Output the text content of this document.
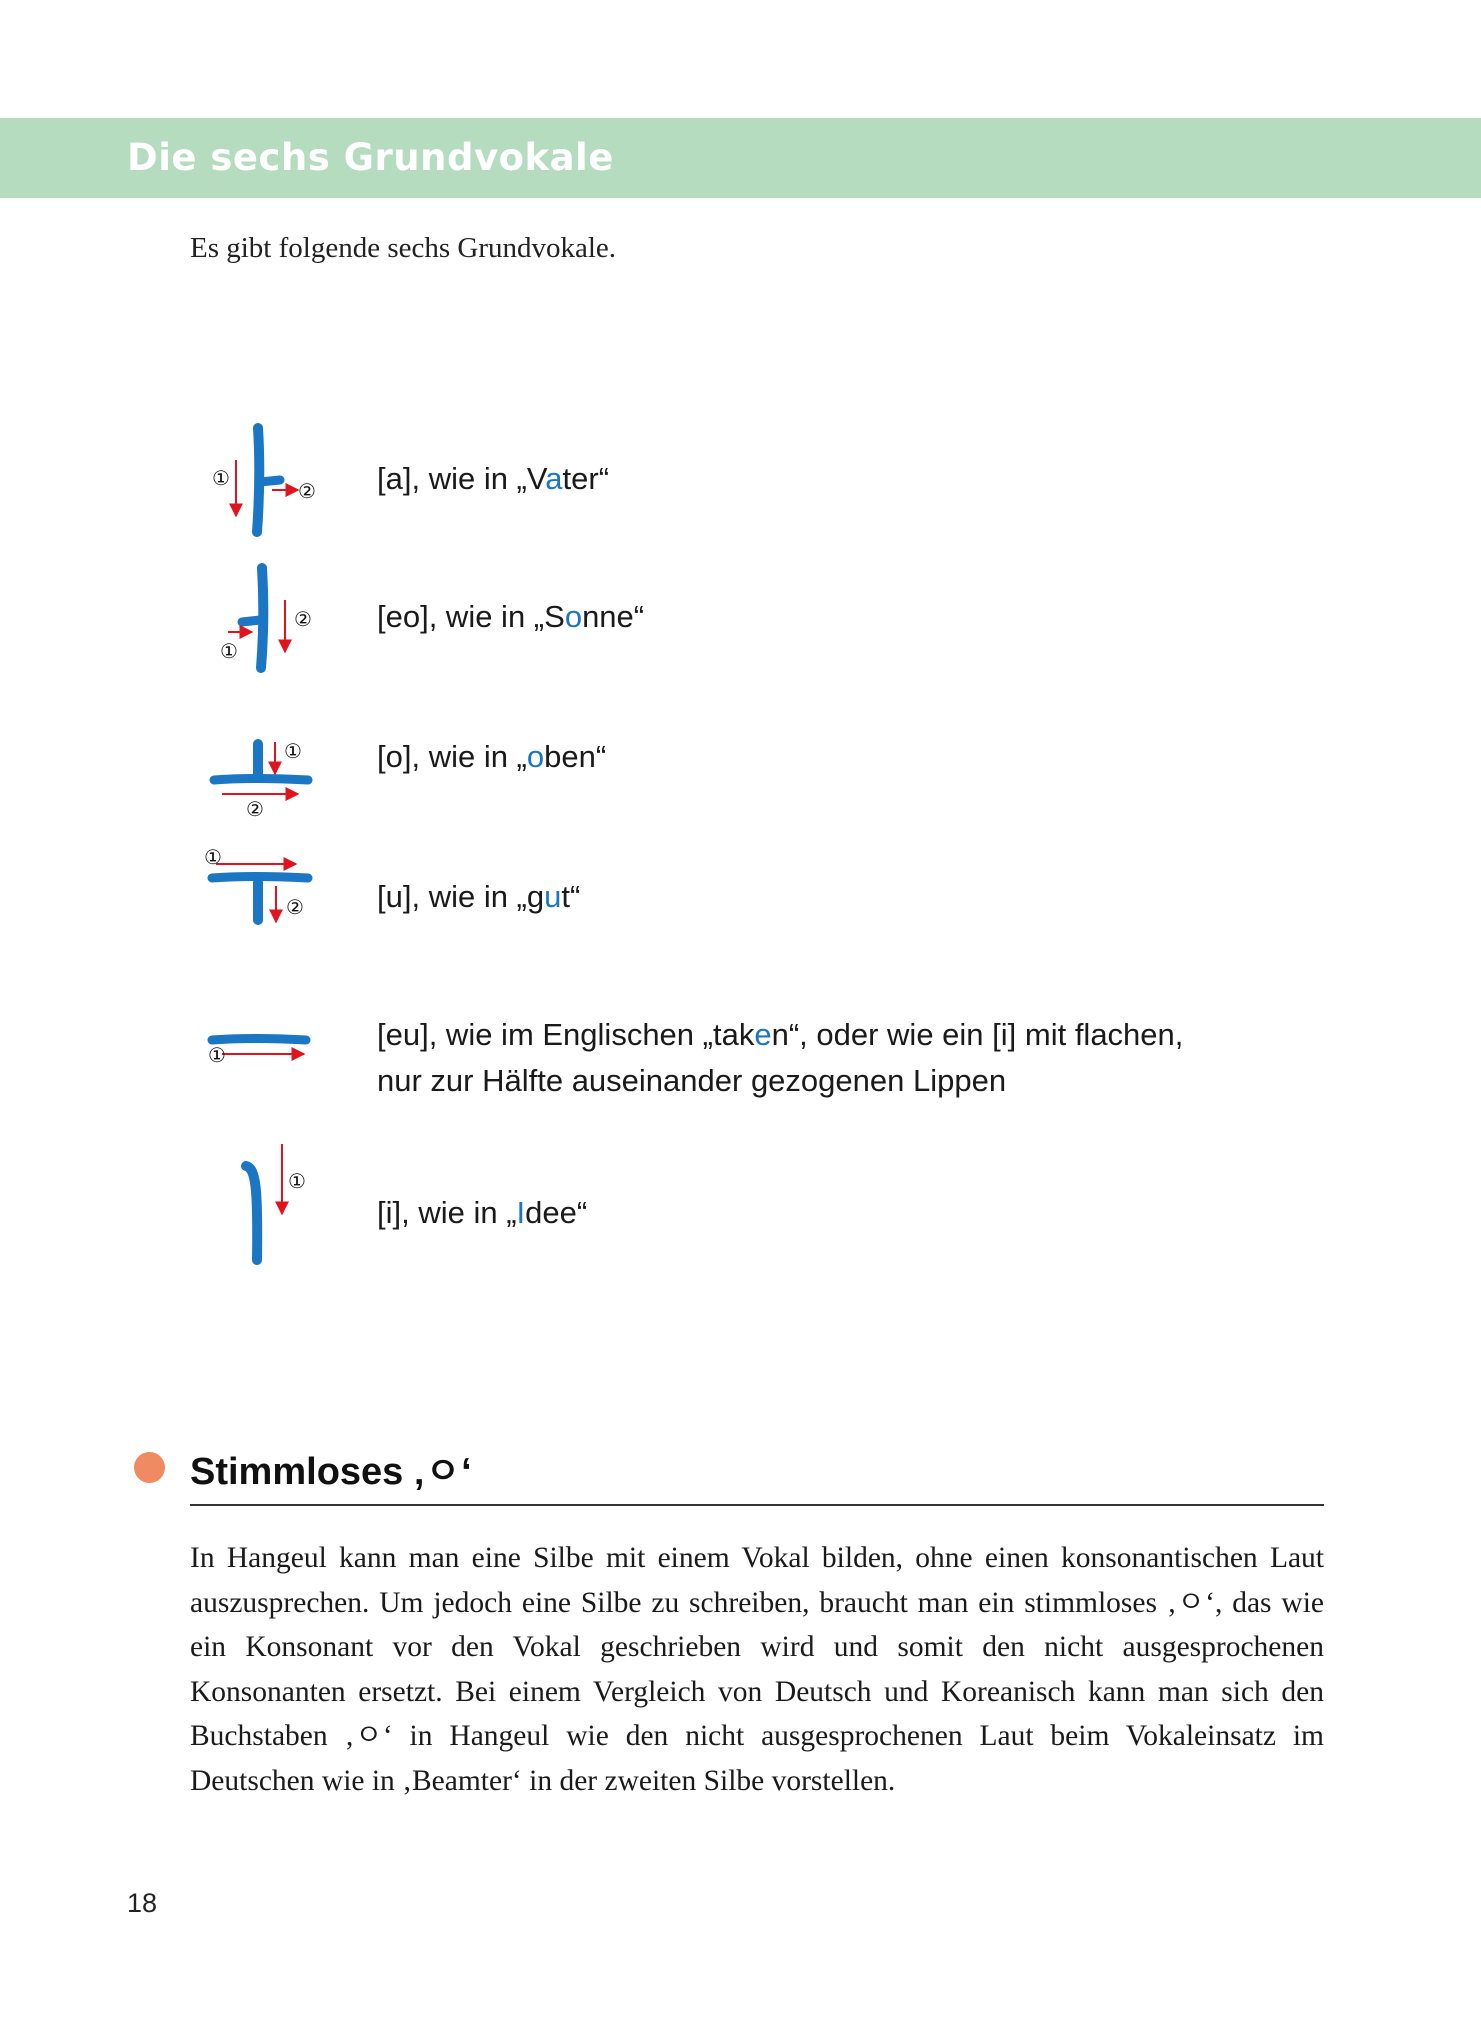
Die sechs Grundvokale
Es gibt folgende sechs Grundvokale.
①
② [a], wie in „Vater“
①
② [eo], wie in „Sonne“
①
②
[o], wie in „oben“
①
② [u], wie in „gut“
①
[eu], wie im Englischen „taken“, oder wie ein [i] mit flachen,
nur zur Hälfte auseinander gezogenen Lippen
①
[i], wie in „Idee“
Stimmloses ‚ㅇ‘
In Hangeul kann man eine Silbe mit einem Vokal bilden, ohne einen konsonantischen Laut auszusprechen. Um jedoch eine Silbe zu schreiben, braucht man ein stimmloses ‚ㅇ‘, das wie ein Konsonant vor den Vokal geschrieben wird und somit den nicht ausgesprochenen Konsonanten ersetzt. Bei einem Vergleich von Deutsch und Koreanisch kann man sich den Buchstaben ‚ㅇ‘ in Hangeul wie den nicht ausgesprochenen Laut beim Vokaleinsatz im Deutschen wie in ‚Beamter‘ in der zweiten Silbe vorstellen.
18
